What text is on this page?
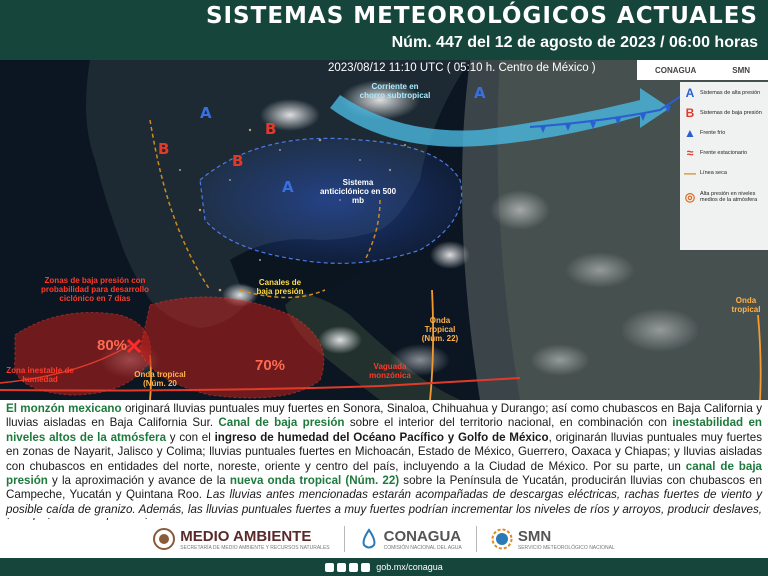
SISTEMAS METEOROLÓGICOS ACTUALES
Núm. 447 del 12 de agosto de 2023 / 06:00 horas
2023/08/12 11:10 UTC ( 05:10 h. Centro de México )	CONAGUA	SMN
A	Sistemas de alta presión
B	Sistemas de baja presión
▲ Frente frío
≈	Frente estacionario
— Línea seca
◎ Alta presión en niveles medios de la atmósfera
A
A
A
B
B
B
Corriente en chorro subtropical
Sistema anticiclónico en 500 mb
Canales de baja presión
Zonas de baja presión con probabilidad para desarrollo ciclónico en 7 días
80%
70%
Onda Tropical (Núm. 22)
Onda tropical (Núm. 20
Onda tropical
Vaguada monzónica
Zona inestable de humedad
El monzón mexicano originará lluvias puntuales muy fuertes en Sonora, Sinaloa, Chihuahua y Durango; así como chubascos en Baja California y lluvias aisladas en Baja California Sur. Canal de baja presión sobre el interior del territorio nacional, en combinación con inestabilidad en niveles altos de la atmósfera y con el ingreso de humedad del Océano Pacífico y Golfo de México, originarán lluvias puntuales muy fuertes en zonas de Nayarit, Jalisco y Colima; lluvias puntuales fuertes en Michoacán, Estado de México, Guerrero, Oaxaca y Chiapas; y lluvias aisladas con chubascos en entidades del norte, noreste, oriente y centro del país, incluyendo a la Ciudad de México. Por su parte, un canal de baja presión y la aproximación y avance de la nueva onda tropical (Núm. 22) sobre la Península de Yucatán, producirán lluvias con chubascos en Campeche, Yucatán y Quintana Roo. Las lluvias antes mencionadas estarán acompañadas de descargas eléctricas, rachas fuertes de viento y posible caída de granizo. Además, las lluvias puntuales fuertes a muy fuertes podrían incrementar los niveles de ríos y arroyos, producir deslaves,
MEDIO AMBIENTE
SECRETARÍA DE MEDIO AMBIENTE Y RECURSOS NATURALES
CONAGUA
COMISIÓN NACIONAL DEL AGUA
SMN
SERVICIO METEOROLÓGICO NACIONAL
gob.mx/conagua
